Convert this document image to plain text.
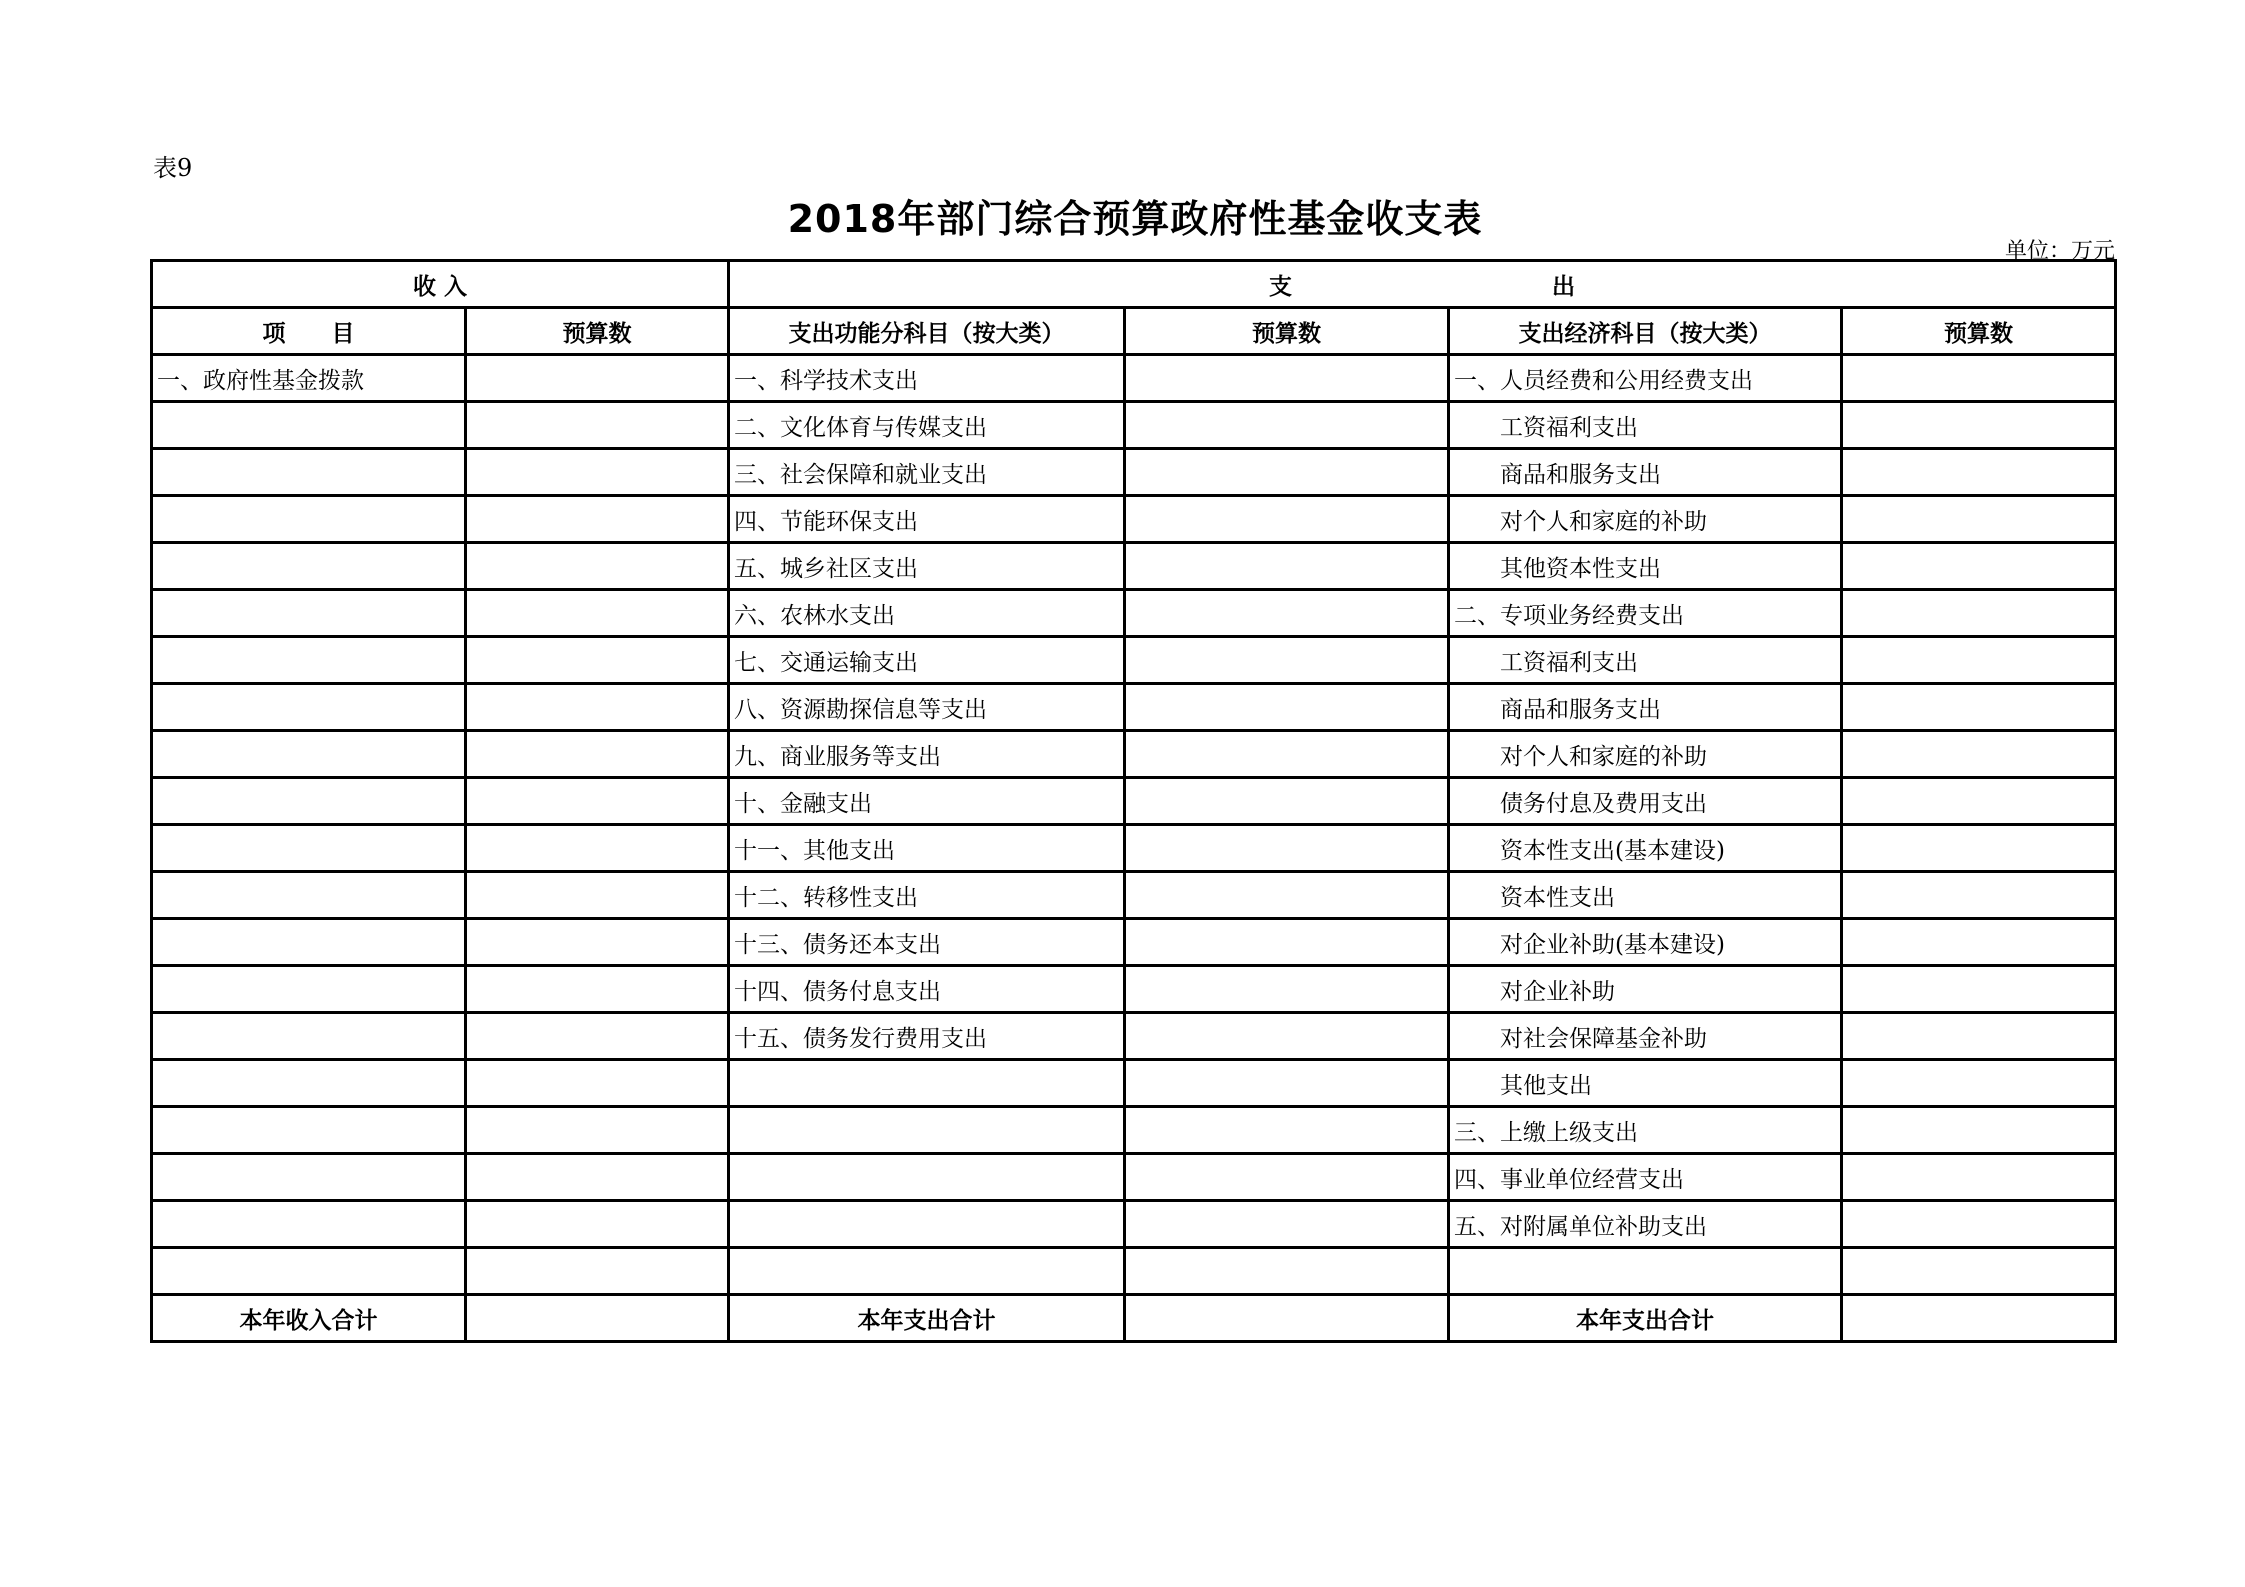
表9
2018年部门综合预算政府性基金收支表
单位：万元
收 入		支 出			
项　　目	预算数	支出功能分科目（按大类）	预算数	支出经济科目（按大类）	预算数
一、政府性基金拨款		一、科学技术支出		一、人员经费和公用经费支出	
		二、文化体育与传媒支出		工资福利支出	
		三、社会保障和就业支出		商品和服务支出	
		四、节能环保支出		对个人和家庭的补助	
		五、城乡社区支出		其他资本性支出	
		六、农林水支出		二、专项业务经费支出	
		七、交通运输支出		工资福利支出	
		八、资源勘探信息等支出		商品和服务支出	
		九、商业服务等支出		对个人和家庭的补助	
		十、金融支出		债务付息及费用支出	
		十一、其他支出		资本性支出(基本建设)	
		十二、转移性支出		资本性支出	
		十三、债务还本支出		对企业补助(基本建设)	
		十四、债务付息支出		对企业补助	
		十五、债务发行费用支出		对社会保障基金补助	
				其他支出	
				三、上缴上级支出	
				四、事业单位经营支出	
				五、对附属单位补助支出	

本年收入合计		本年支出合计		本年支出合计	
